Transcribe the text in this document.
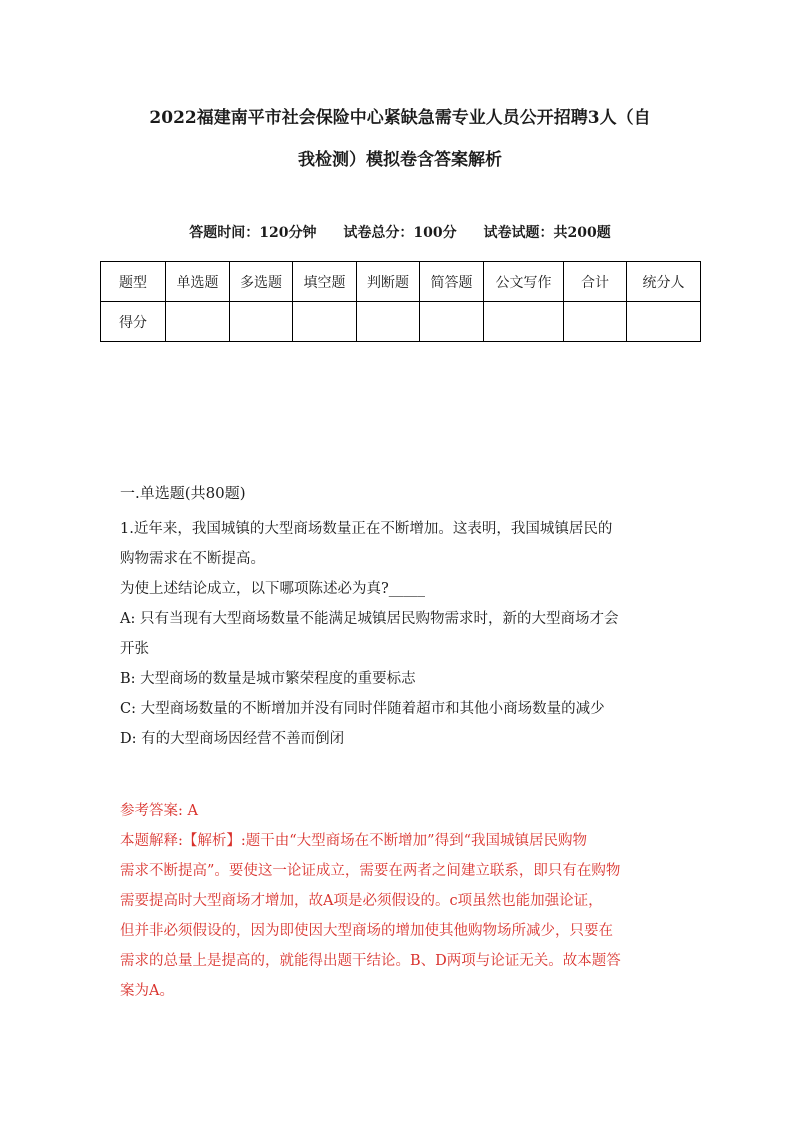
2022福建南平市社会保险中心紧缺急需专业人员公开招聘3人（自
我检测）模拟卷含答案解析
答题时间：120分钟 试卷总分：100分 试卷试题：共200题
题型	单选题	多选题	填空题	判断题	简答题	公文写作	合计	统分人
得分								
一.单选题(共80题)

1.近年来，我国城镇的大型商场数量正在不断增加。这表明，我国城镇居民的

购物需求在不断提高。

为使上述结论成立，以下哪项陈述必为真?_____

A: 只有当现有大型商场数量不能满足城镇居民购物需求时，新的大型商场才会

开张

B: 大型商场的数量是城市繁荣程度的重要标志

C: 大型商场数量的不断增加并没有同时伴随着超市和其他小商场数量的减少

D: 有的大型商场因经营不善而倒闭

参考答案: A

本题解释:【解析】:题干由“大型商场在不断增加”得到“我国城镇居民购物

需求不断提高”。要使这一论证成立，需要在两者之间建立联系，即只有在购物

需要提高时大型商场才增加，故A项是必须假设的。c项虽然也能加强论证，

但并非必须假设的，因为即使因大型商场的增加使其他购物场所减少，只要在

需求的总量上是提高的，就能得出题干结论。B、D两项与论证无关。故本题答

案为A。
